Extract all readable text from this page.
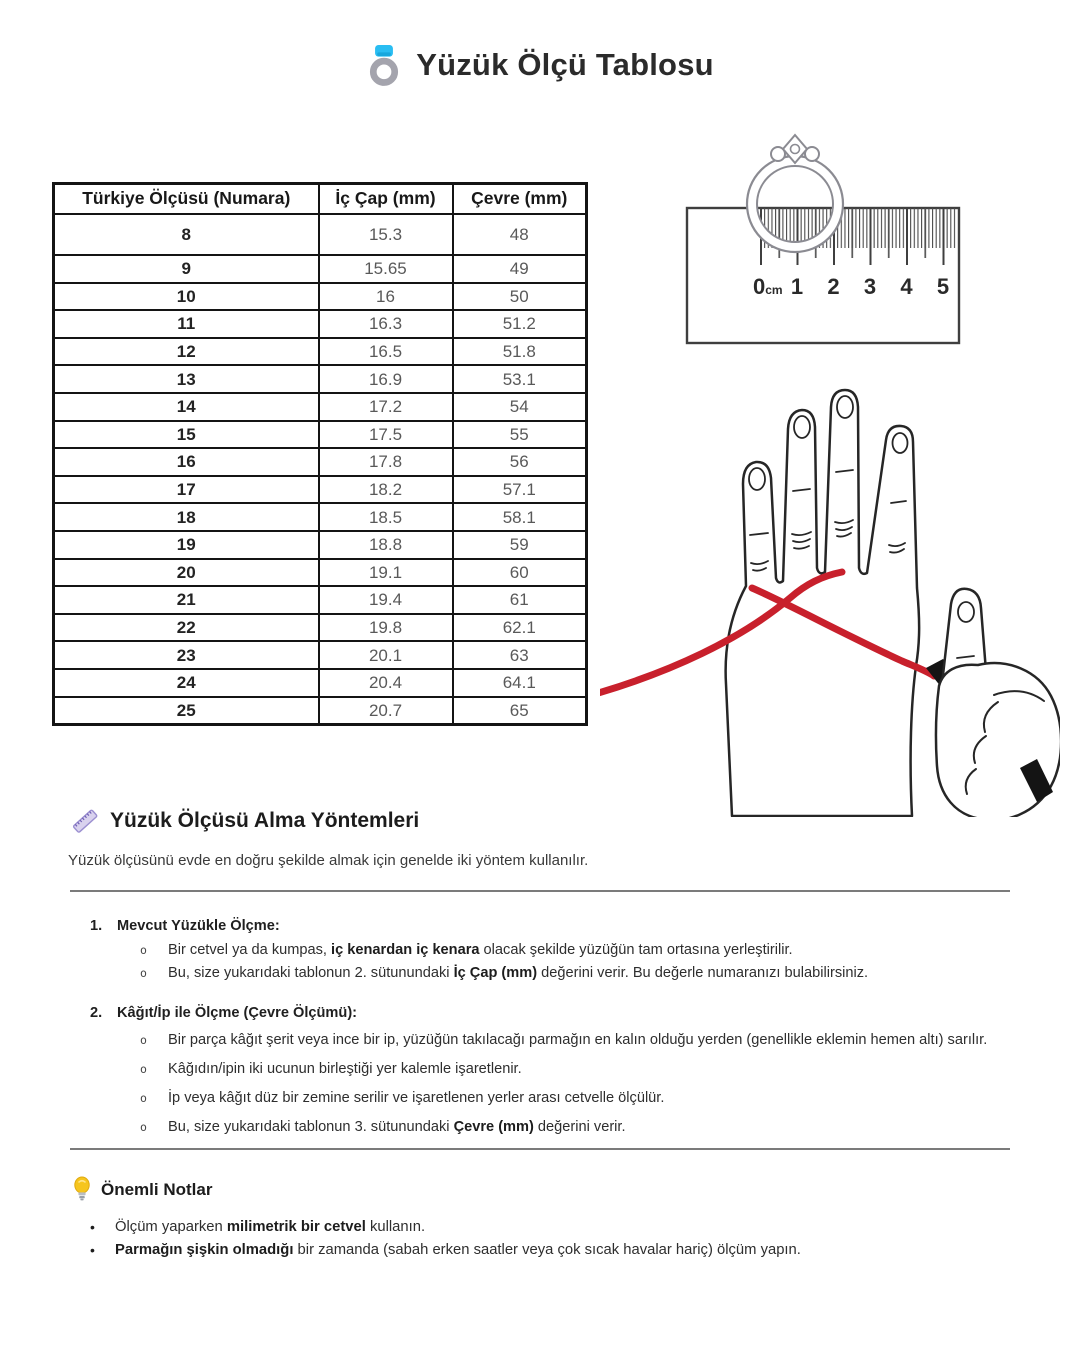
Yüzük Ölçü Tablosu
Türkiye Ölçüsü (Numara)	İç Çap (mm)	Çevre (mm)
8	15.3	48
9	15.65	49
10	16	50
11	16.3	51.2
12	16.5	51.8
13	16.9	53.1
14	17.2	54
15	17.5	55
16	17.8	56
17	18.2	57.1
18	18.5	58.1
19	18.8	59
20	19.1	60
21	19.4	61
22	19.8	62.1
23	20.1	63
24	20.4	64.1
25	20.7	65
0cm 1 2 3 4 5
Yüzük Ölçüsü Alma Yöntemleri

Yüzük ölçüsünü evde en doğru şekilde almak için genelde iki yöntem kullanılır.

1.	Mevcut Yüzükle Ölçme:
o	Bir cetvel ya da kumpas, iç kenardan iç kenara olacak şekilde yüzüğün tam ortasına yerleştirilir.
o	Bu, size yukarıdaki tablonun 2. sütunundaki İç Çap (mm) değerini verir. Bu değerle numaranızı bulabilirsiniz.
2.	Kâğıt/İp ile Ölçme (Çevre Ölçümü):
o	Bir parça kâğıt şerit veya ince bir ip, yüzüğün takılacağı parmağın en kalın olduğu yerden (genellikle eklemin hemen altı) sarılır.
o	Kâğıdın/ipin iki ucunun birleştiği yer kalemle işaretlenir.
o	İp veya kâğıt düz bir zemine serilir ve işaretlenen yerler arası cetvelle ölçülür.
o	Bu, size yukarıdaki tablonun 3. sütunundaki Çevre (mm) değerini verir.
Önemli Notlar
•	Ölçüm yaparken milimetrik bir cetvel kullanın.
•	Parmağın şişkin olmadığı bir zamanda (sabah erken saatler veya çok sıcak havalar hariç) ölçüm yapın.
